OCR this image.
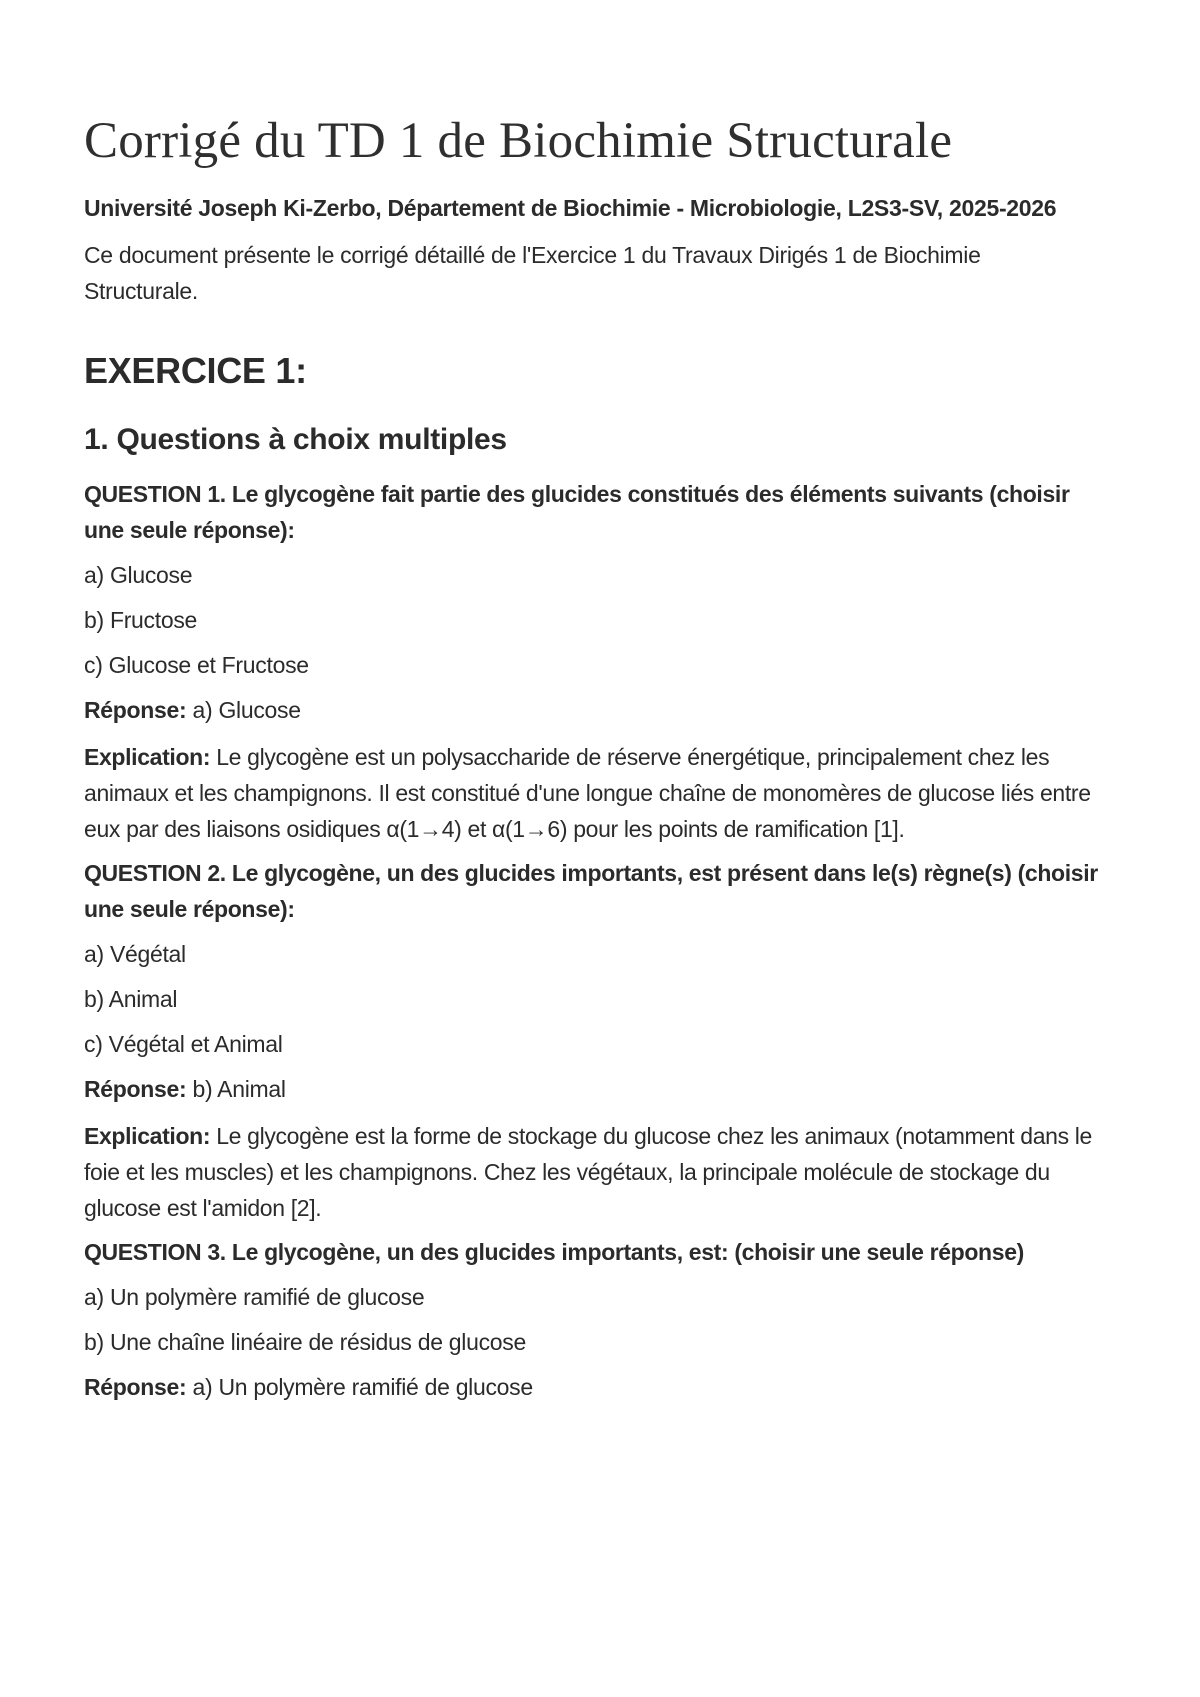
Corrigé du TD 1 de Biochimie Structurale

Université Joseph Ki-Zerbo, Département de Biochimie - Microbiologie, L2S3-SV, 2025-2026

Ce document présente le corrigé détaillé de l'Exercice 1 du Travaux Dirigés 1 de Biochimie Structurale.

EXERCICE 1:
1. Questions à choix multiples

QUESTION 1. Le glycogène fait partie des glucides constitués des éléments suivants (choisir une seule réponse):

a) Glucose

b) Fructose

c) Glucose et Fructose

Réponse: a) Glucose

Explication: Le glycogène est un polysaccharide de réserve énergétique, principalement chez les animaux et les champignons. Il est constitué d'une longue chaîne de monomères de glucose liés entre eux par des liaisons osidiques α(1→4) et α(1→6) pour les points de ramification [1].

QUESTION 2. Le glycogène, un des glucides importants, est présent dans le(s) règne(s) (choisir une seule réponse):

a) Végétal

b) Animal

c) Végétal et Animal

Réponse: b) Animal

Explication: Le glycogène est la forme de stockage du glucose chez les animaux (notamment dans le foie et les muscles) et les champignons. Chez les végétaux, la principale molécule de stockage du glucose est l'amidon [2].

QUESTION 3. Le glycogène, un des glucides importants, est: (choisir une seule réponse)

a) Un polymère ramifié de glucose

b) Une chaîne linéaire de résidus de glucose

Réponse: a) Un polymère ramifié de glucose
